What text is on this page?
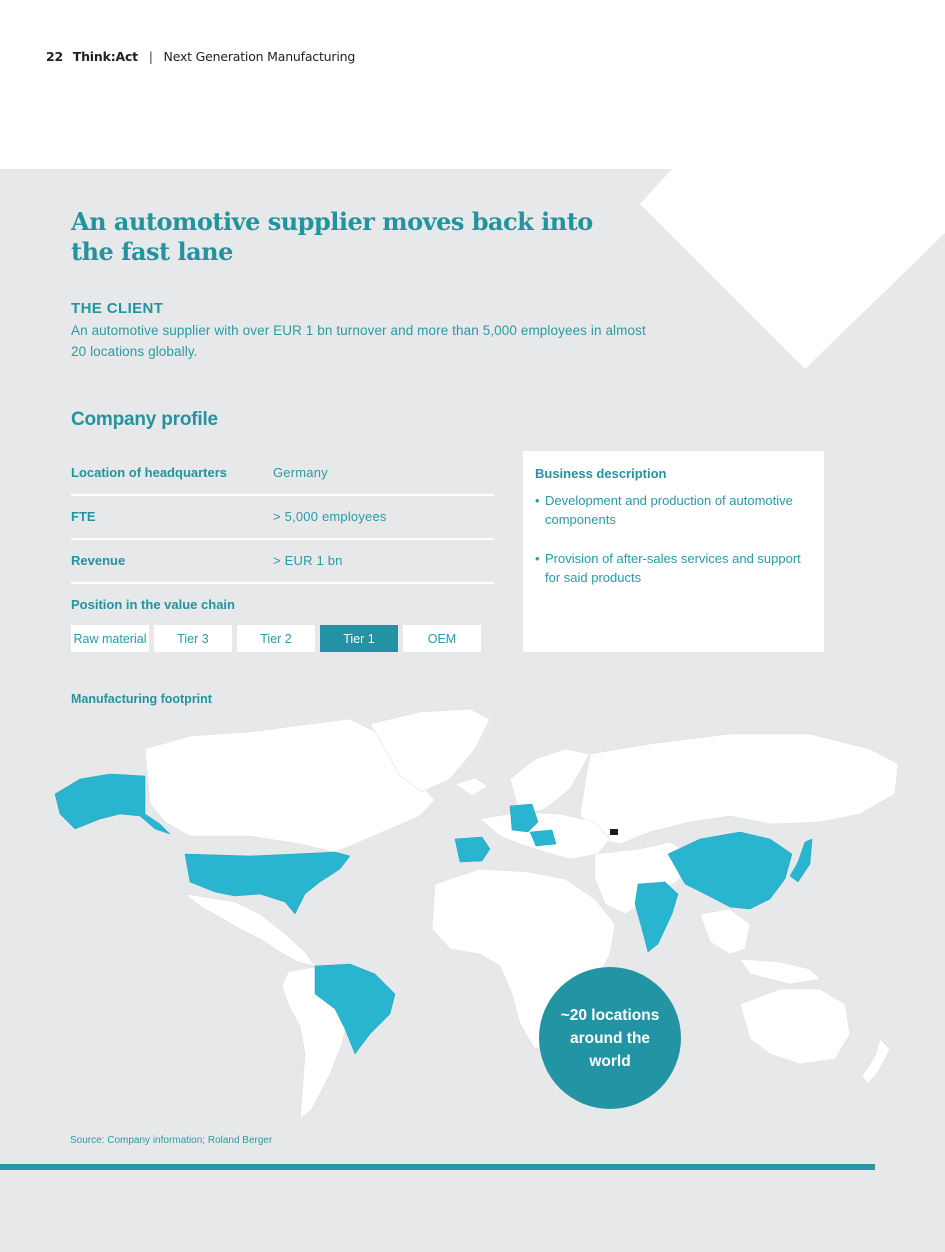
22 Think:Act | Next Generation Manufacturing
An automotive supplier moves back into the fast lane
THE CLIENT

An automotive supplier with over EUR 1 bn turnover and more than 5,000 employees in almost 20 locations globally.

Company profile
Location of headquarters	Germany
FTE	> 5,000 employees
Revenue	> EUR 1 bn
Position in the value chain
Raw material	Tier 3	Tier 2	Tier 1	OEM
Business description
• Development and production of automotive components
• Provision of after-sales services and support for said products
Manufacturing footprint
~20 locations around the world
Source: Company information; Roland Berger
